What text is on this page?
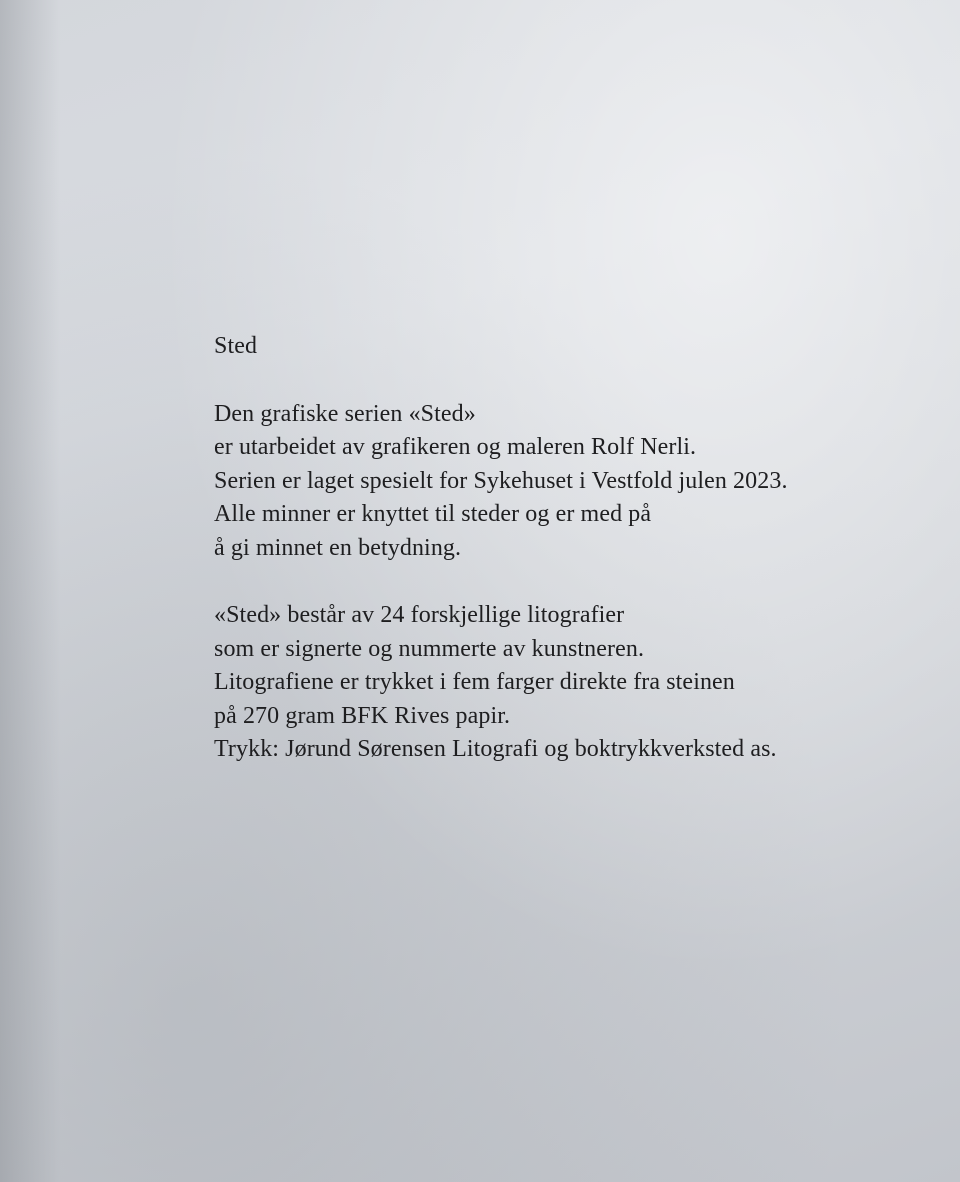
Sted
Den grafiske serien «Sted»
er utarbeidet av grafikeren og maleren Rolf Nerli.
Serien er laget spesielt for Sykehuset i Vestfold julen 2023.
Alle minner er knyttet til steder og er med på
å gi minnet en betydning.
«Sted» består av 24 forskjellige litografier
som er signerte og nummerte av kunstneren.
Litografiene er trykket i fem farger direkte fra steinen
på 270 gram BFK Rives papir.
Trykk: Jørund Sørensen Litografi og boktrykkverksted as.
